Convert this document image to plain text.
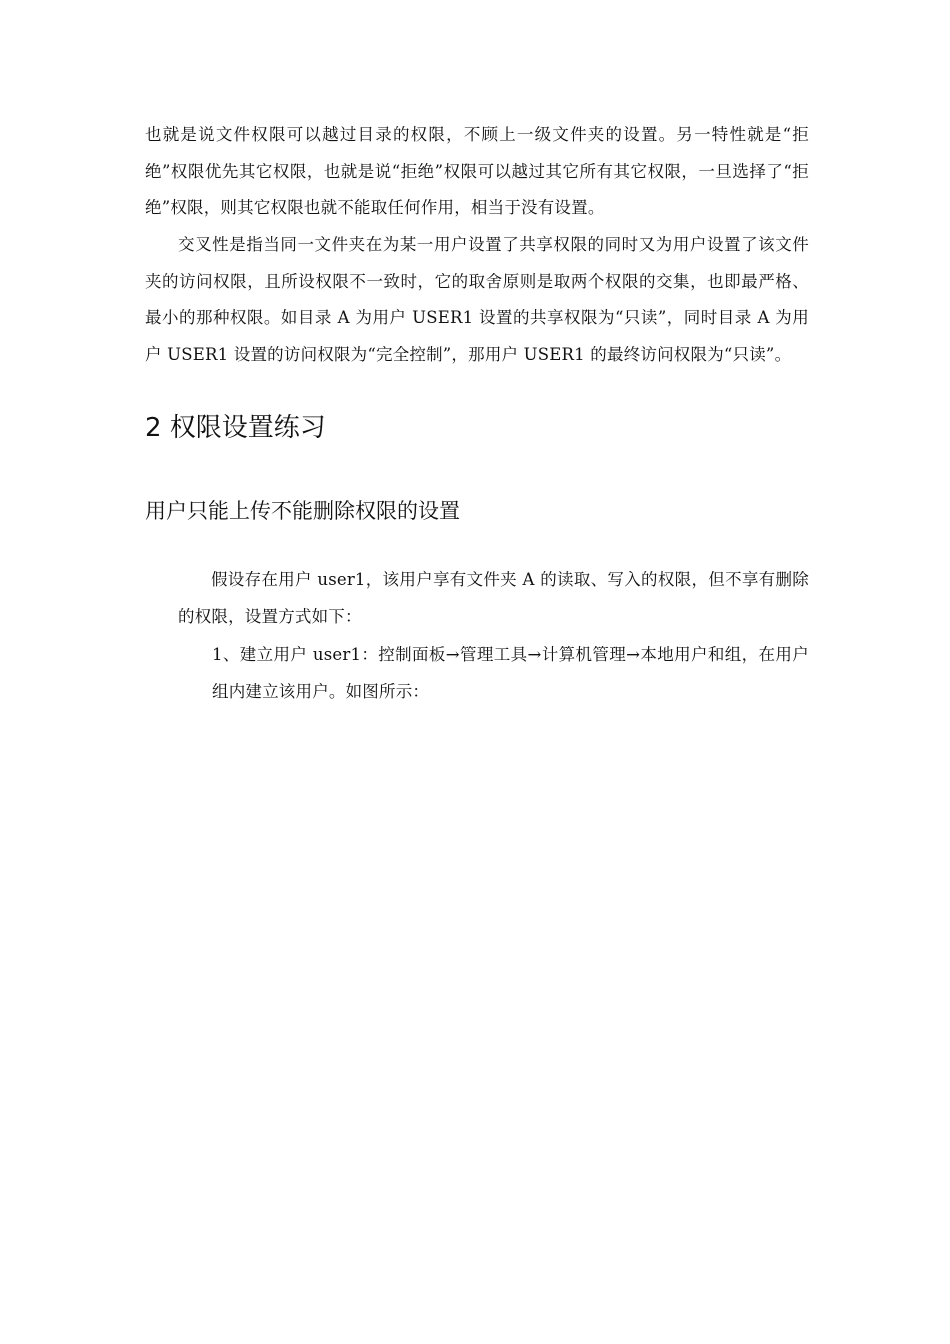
也就是说文件权限可以越过目录的权限，不顾上一级文件夹的设置。另一特性就是“拒绝”权限优先其它权限，也就是说“拒绝”权限可以越过其它所有其它权限，一旦选择了“拒绝”权限，则其它权限也就不能取任何作用，相当于没有设置。

交叉性是指当同一文件夹在为某一用户设置了共享权限的同时又为用户设置了该文件夹的访问权限，且所设权限不一致时，它的取舍原则是取两个权限的交集，也即最严格、最小的那种权限。如目录 A 为用户 USER1 设置的共享权限为“只读”，同时目录 A 为用户 USER1 设置的访问权限为“完全控制”，那用户 USER1 的最终访问权限为“只读”。

2 权限设置练习
用户只能上传不能删除权限的设置

假设存在用户 user1，该用户享有文件夹 A 的读取、写入的权限，但不享有删除的权限，设置方式如下：

1、建立用户 user1：控制面板→管理工具→计算机管理→本地用户和组，在用户组内建立该用户。如图所示：
